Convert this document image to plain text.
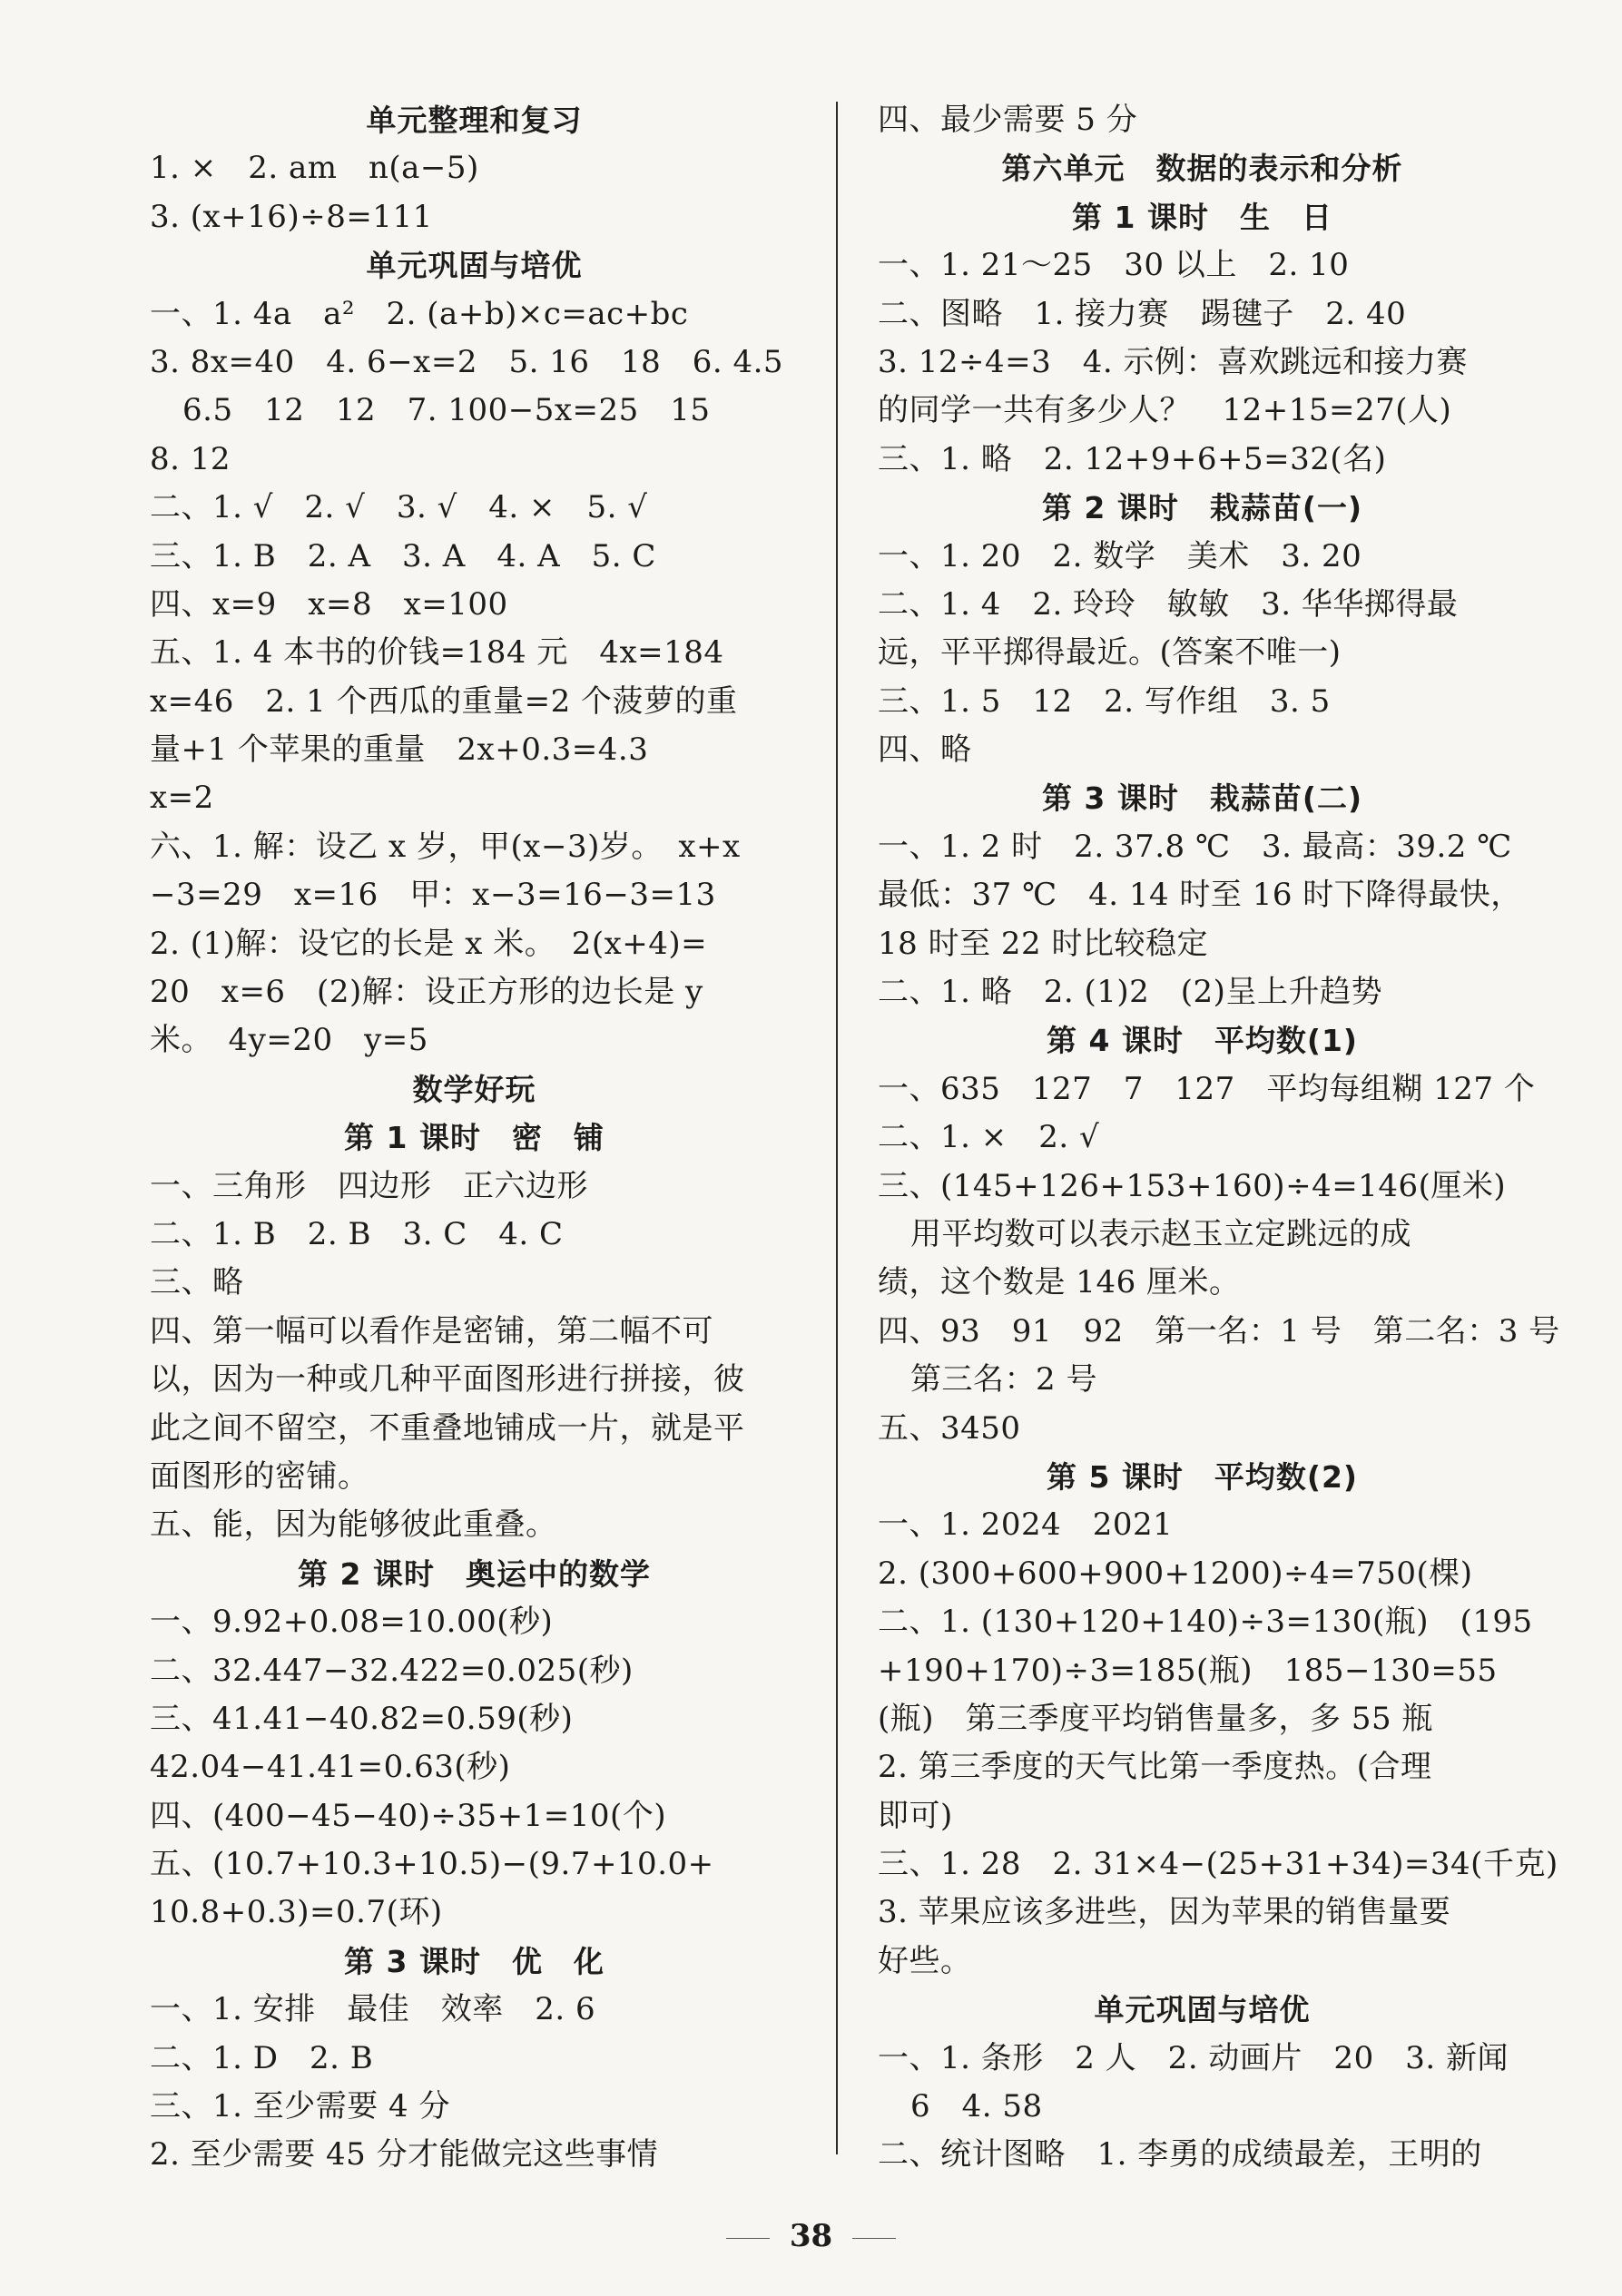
单元整理和复习
1. ×　2. am　n(a−5)
3. (x+16)÷8=111
单元巩固与培优
一、1. 4a　a²　2. (a+b)×c=ac+bc
3. 8x=40　4. 6−x=2　5. 16　18　6. 4.5
6.5　12　12　7. 100−5x=25　15
8. 12
二、1. √　2. √　3. √　4. ×　5. √
三、1. B　2. A　3. A　4. A　5. C
四、x=9　x=8　x=100
五、1. 4 本书的价钱=184 元　4x=184
x=46　2. 1 个西瓜的重量=2 个菠萝的重
量+1 个苹果的重量　2x+0.3=4.3
x=2
六、1. 解：设乙 x 岁，甲(x−3)岁。　x+x
−3=29　x=16　甲：x−3=16−3=13
2. (1)解：设它的长是 x 米。　2(x+4)=
20　x=6　(2)解：设正方形的边长是 y
米。　4y=20　y=5
数学好玩
第 1 课时　密　铺
一、三角形　四边形　正六边形
二、1. B　2. B　3. C　4. C
三、略
四、第一幅可以看作是密铺，第二幅不可
以，因为一种或几种平面图形进行拼接，彼
此之间不留空，不重叠地铺成一片，就是平
面图形的密铺。
五、能，因为能够彼此重叠。
第 2 课时　奥运中的数学
一、9.92+0.08=10.00(秒)
二、32.447−32.422=0.025(秒)
三、41.41−40.82=0.59(秒)
42.04−41.41=0.63(秒)
四、(400−45−40)÷35+1=10(个)
五、(10.7+10.3+10.5)−(9.7+10.0+
10.8+0.3)=0.7(环)
第 3 课时　优　化
一、1. 安排　最佳　效率　2. 6
二、1. D　2. B
三、1. 至少需要 4 分
2. 至少需要 45 分才能做完这些事情
四、最少需要 5 分
第六单元　数据的表示和分析
第 1 课时　生　日
一、1. 21～25　30 以上　2. 10
二、图略　1. 接力赛　踢毽子　2. 40
3. 12÷4=3　4. 示例：喜欢跳远和接力赛
的同学一共有多少人？　12+15=27(人)
三、1. 略　2. 12+9+6+5=32(名)
第 2 课时　栽蒜苗(一)
一、1. 20　2. 数学　美术　3. 20
二、1. 4　2. 玲玲　敏敏　3. 华华掷得最
远，平平掷得最近。(答案不唯一)
三、1. 5　12　2. 写作组　3. 5
四、略
第 3 课时　栽蒜苗(二)
一、1. 2 时　2. 37.8 ℃　3. 最高：39.2 ℃
最低：37 ℃　4. 14 时至 16 时下降得最快，
18 时至 22 时比较稳定
二、1. 略　2. (1)2　(2)呈上升趋势
第 4 课时　平均数(1)
一、635　127　7　127　平均每组糊 127 个
二、1. ×　2. √
三、(145+126+153+160)÷4=146(厘米)
用平均数可以表示赵玉立定跳远的成
绩，这个数是 146 厘米。
四、93　91　92　第一名：1 号　第二名：3 号
第三名：2 号
五、3450
第 5 课时　平均数(2)
一、1. 2024　2021
2. (300+600+900+1200)÷4=750(棵)
二、1. (130+120+140)÷3=130(瓶)　(195
+190+170)÷3=185(瓶)　185−130=55
(瓶)　第三季度平均销售量多，多 55 瓶
2. 第三季度的天气比第一季度热。(合理
即可)
三、1. 28　2. 31×4−(25+31+34)=34(千克)
3. 苹果应该多进些，因为苹果的销售量要
好些。
单元巩固与培优
一、1. 条形　2 人　2. 动画片　20　3. 新闻
6　4. 58
二、统计图略　1. 李勇的成绩最差，王明的
38
